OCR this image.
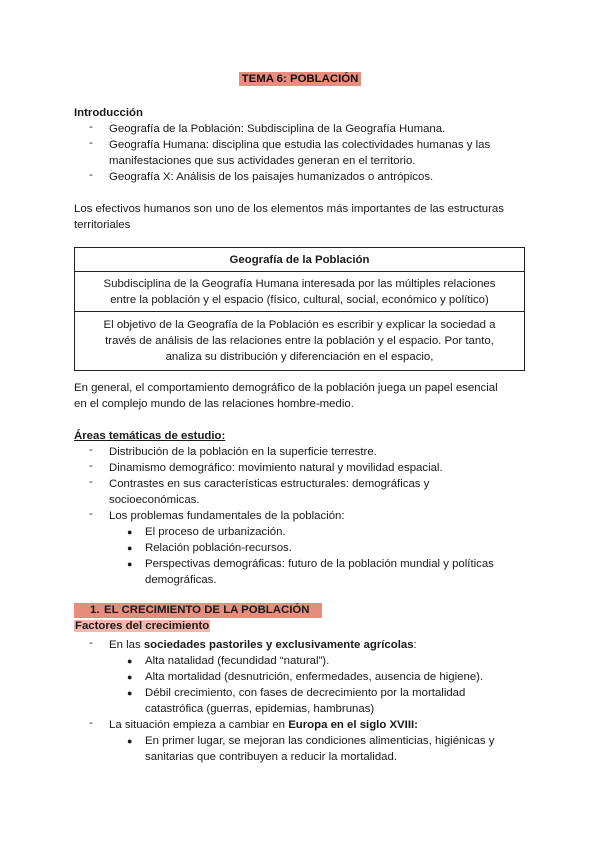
TEMA 6: POBLACIÓN
Introducción
- Geografía de la Población: Subdisciplina de la Geografía Humana.
- Geografía Humana: disciplina que estudia las colectividades humanas y las
manifestaciones que sus actividades generan en el territorio.
- Geografía X: Análisis de los paisajes humanizados o antrópicos.
Los efectivos humanos son uno de los elementos más importantes de las estructuras
territoriales
Geografía de la Población
Subdisciplina de la Geografía Humana interesada por las múltiples relaciones
entre la población y el espacio (físico, cultural, social, económico y político)
El objetivo de la Geografía de la Población es escribir y explicar la sociedad a
través de análisis de las relaciones entre la población y el espacio. Por tanto,
analiza su distribución y diferenciación en el espacio,
En general, el comportamiento demográfico de la población juega un papel esencial
en el complejo mundo de las relaciones hombre-medio.
Áreas temáticas de estudio:
- Distribución de la población en la superficie terrestre.
- Dinamismo demográfico: movimiento natural y movilidad espacial.
- Contrastes en sus características estructurales: demográficas y
socioeconómicas.
- Los problemas fundamentales de la población:
● El proceso de urbanización.
● Relación población-recursos.
● Perspectivas demográficas: futuro de la población mundial y políticas
demográficas.
1. EL CRECIMIENTO DE LA POBLACIÓN
Factores del crecimiento
- En las sociedades pastoriles y exclusivamente agrícolas:
● Alta natalidad (fecundidad “natural”).
● Alta mortalidad (desnutrición, enfermedades, ausencia de higiene).
● Débil crecimiento, con fases de decrecimiento por la mortalidad
catastrófica (guerras, epidemias, hambrunas)
- La situación empieza a cambiar en Europa en el siglo XVIII:
● En primer lugar, se mejoran las condiciones alimenticias, higiénicas y
sanitarias que contribuyen a reducir la mortalidad.
